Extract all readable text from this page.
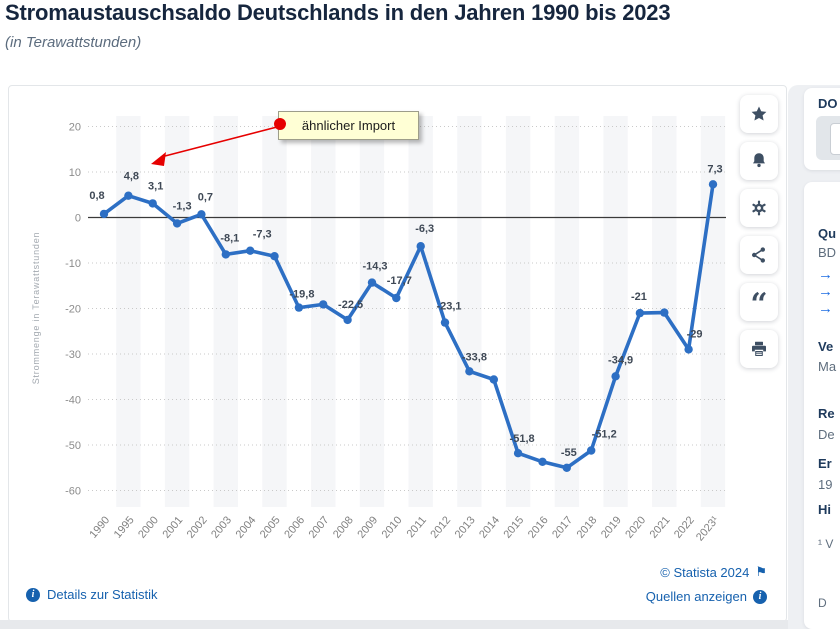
Stromaustauschsaldo Deutschlands in den Jahren 1990 bis 2023
(in Terawattstunden)
20
10
0
-10
-20
-30
-40
-50
-60
1990 1995 2000 2001 2002 2003 2004 2005 2006 2007 2008 2009 2010 2011 2012 2013 2014 2015 2016 2017 2018 2019 2020 2021 2022
2023¹
Strommenge in Terawattstunden
0,8
4,8
3,1
-1,3
0,7
-8,1 -7,3
-19,8
-22,5
-14,3
-17,7
-6,3
-23,1
-33,8
-51,8
-55
-51,2
-34,9
-21
-29
7,3
ähnlicher Import
“
i Details zur Statistik
© Statista 2024 ⚑
Quellen anzeigen	i
DO
Qu
BD
→
→
→
Ve
Ma
Re
De
Er
19
Hi
¹ V
D
